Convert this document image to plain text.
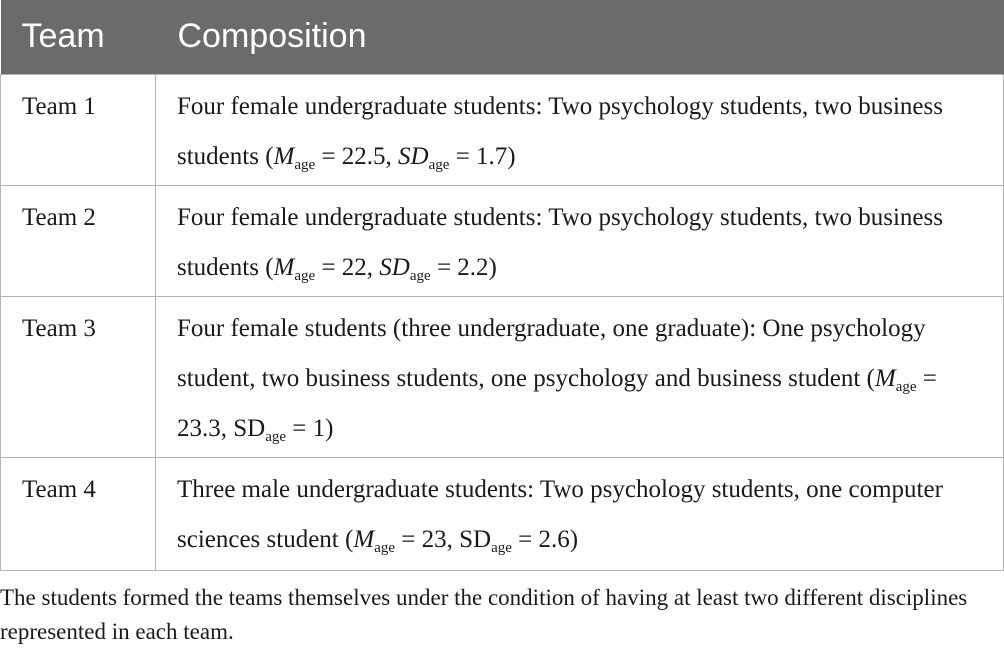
Team	Composition
Team 1	Four female undergraduate students: Two psychology students, two business students ($M_{age} = 22.5$, $SD_{age} = 1.7$)
Team 2	Four female undergraduate students: Two psychology students, two business students ($M_{age} = 22$, $SD_{age} = 2.2$)
Team 3	Four female students (three undergraduate, one graduate): One psychology student, two business students, one psychology and business student ($M_{age} = 23.3$, $SD_{age} = 1$)
Team 4	Three male undergraduate students: Two psychology students, one computer sciences student ($M_{age} = 23$, $SD_{age} = 2.6$)

The students formed the teams themselves under the condition of having at least two different disciplines represented in each team.
